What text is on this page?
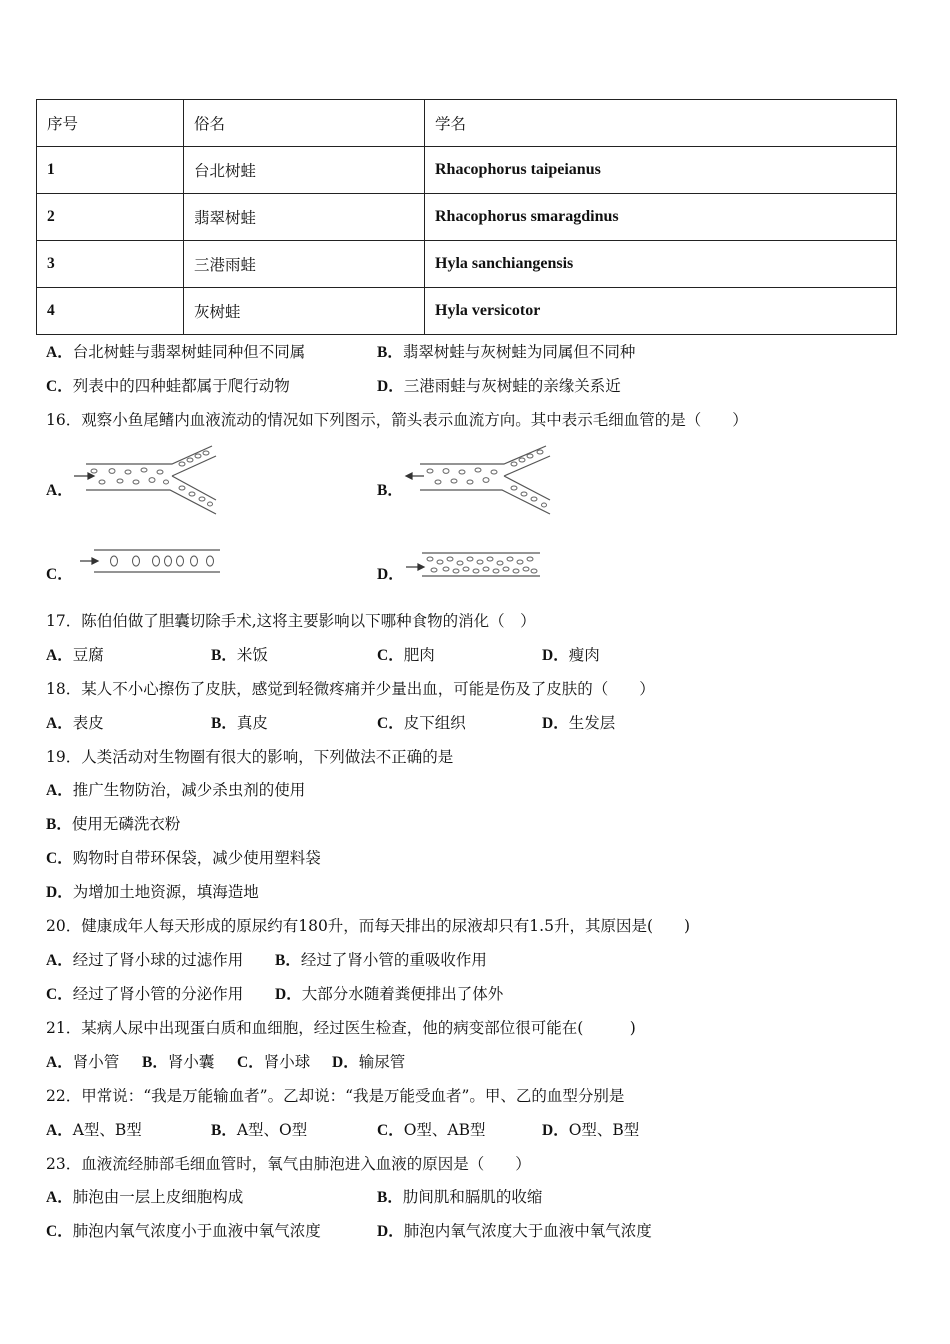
序号	俗名	学名
1	台北树蛙	Rhacophorus taipeianus
2	翡翠树蛙	Rhacophorus smaragdinus
3	三港雨蛙	Hyla sanchiangensis
4	灰树蛙	Hyla versicotor
A．台北树蛙与翡翠树蛙同种但不同属	B．翡翠树蛙与灰树蛙为同属但不同种
C．列表中的四种蛙都属于爬行动物	D．三港雨蛙与灰树蛙的亲缘关系近
16．观察小鱼尾鳍内血液流动的情况如下列图示，箭头表示血流方向。其中表示毛细血管的是（　　）
A．	B．
C．	D．
17．陈伯伯做了胆囊切除手术,这将主要影响以下哪种食物的消化（　）
A．豆腐	B．米饭	C．肥肉	D．瘦肉
18．某人不小心擦伤了皮肤，感觉到轻微疼痛并少量出血，可能是伤及了皮肤的（　　）
A．表皮	B．真皮	C．皮下组织	D．生发层
19．人类活动对生物圈有很大的影响，下列做法不正确的是
A．推广生物防治，减少杀虫剂的使用
B．使用无磷洗衣粉
C．购物时自带环保袋，减少使用塑料袋
D．为增加土地资源，填海造地
20．健康成年人每天形成的原尿约有180升，而每天排出的尿液却只有1.5升，其原因是(　　)
A．经过了肾小球的过滤作用 B．经过了肾小管的重吸收作用
C．经过了肾小管的分泌作用 D．大部分水随着粪便排出了体外
21．某病人尿中出现蛋白质和血细胞，经过医生检查，他的病变部位很可能在(　　　)
A．肾小管 B．肾小囊 C．肾小球 D．输尿管
22．甲常说：“我是万能输血者”。乙却说：“我是万能受血者”。甲、乙的血型分别是
A．A型、B型	B．A型、O型	C．O型、AB型	D．O型、B型
23．血液流经肺部毛细血管时，氧气由肺泡进入血液的原因是（　　）
A．肺泡由一层上皮细胞构成	B．肋间肌和膈肌的收缩
C．肺泡内氧气浓度小于血液中氧气浓度	D．肺泡内氧气浓度大于血液中氧气浓度
